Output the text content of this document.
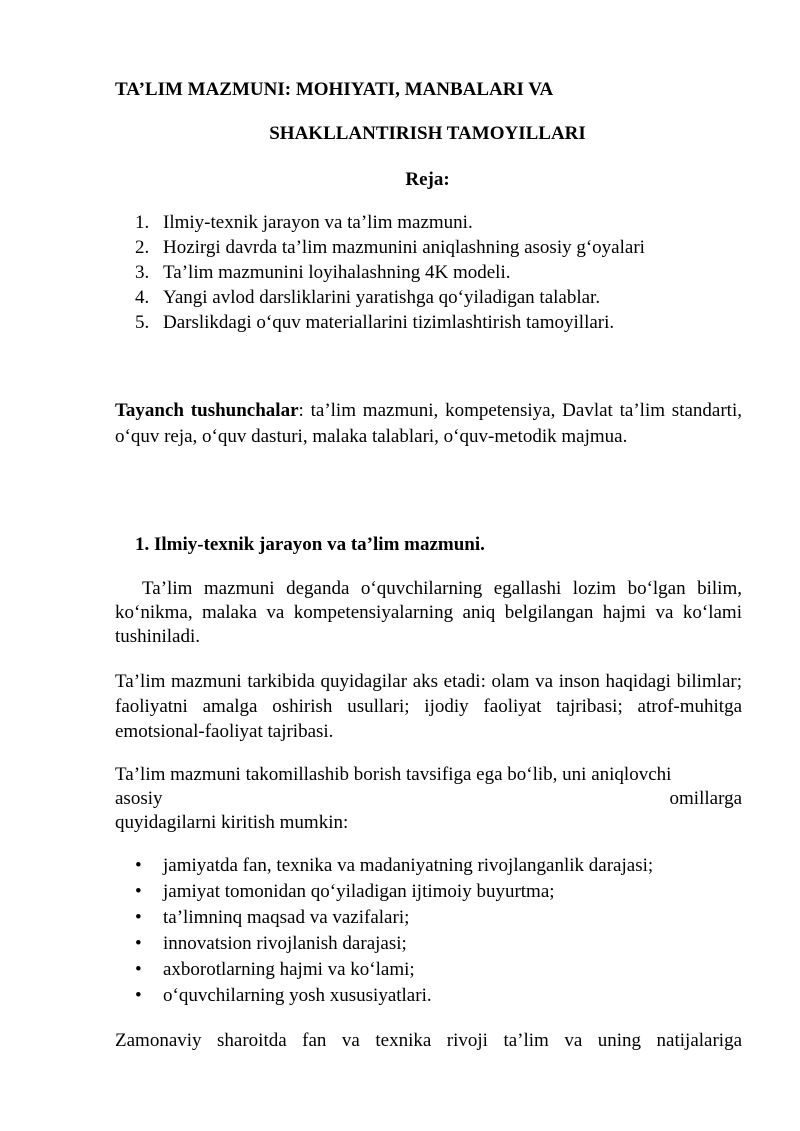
TA’LIM MAZMUNI: MOHIYATI, MANBALARI VA
SHAKLLANTIRISH TAMOYILLARI
Reja:
1. Ilmiy-texnik jarayon va ta’lim mazmuni.
2. Hozirgi davrda ta’lim mazmunini aniqlashning asosiy g‘oyalari
3. Ta’lim mazmunini loyihalashning 4K modeli.
4. Yangi avlod darsliklarini yaratishga qo‘yiladigan talablar.
5. Darslikdagi o‘quv materiallarini tizimlashtirish tamoyillari.

Tayanch tushunchalar: ta’lim mazmuni, kompetensiya, Davlat ta’lim standarti, o‘quv reja, o‘quv dasturi, malaka talablari, o‘quv-metodik majmua.

1. Ilmiy-texnik jarayon va ta’lim mazmuni.

Ta’lim mazmuni deganda o‘quvchilarning egallashi lozim bo‘lgan bilim, ko‘nikma, malaka va kompetensiyalarning aniq belgilangan hajmi va ko‘lami tushiniladi.

Ta’lim mazmuni tarkibida quyidagilar aks etadi: olam va inson haqidagi bilimlar; faoliyatni amalga oshirish usullari; ijodiy faoliyat tajribasi; atrof-muhitga emotsional-faoliyat tajribasi.

Ta’lim mazmuni takomillashib borish tavsifiga ega bo‘lib, uni aniqlovchi
asosiy omillarga
quyidagilarni kiritish mumkin:
•	jamiyatda fan, texnika va madaniyatning rivojlanganlik darajasi;
•	jamiyat tomonidan qo‘yiladigan ijtimoiy buyurtma;
•	ta’limninq maqsad va vazifalari;
•	innovatsion rivojlanish darajasi;
•	axborotlarning hajmi va ko‘lami;
•	o‘quvchilarning yosh xususiyatlari.
Zamonaviy sharoitda fan va texnika rivoji ta’lim va uning natijalariga
